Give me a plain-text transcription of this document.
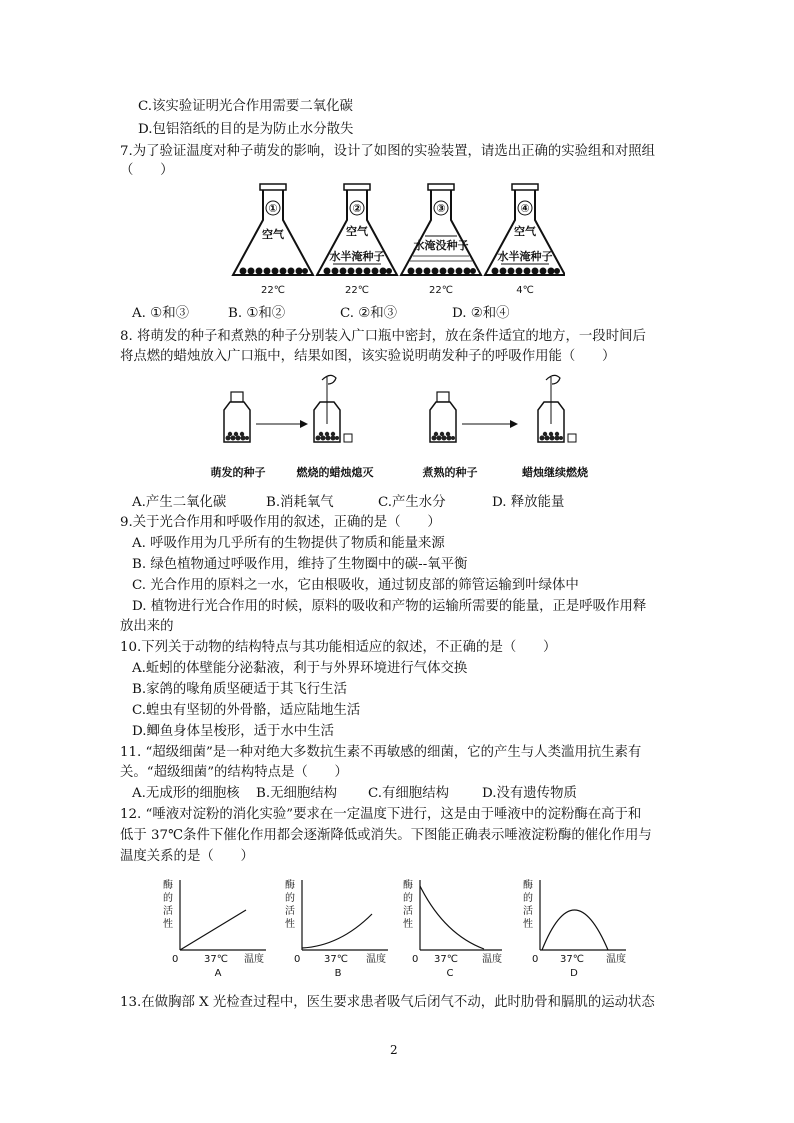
C.该实验证明光合作用需要二氧化碳
D.包铝箔纸的目的是为防止水分散失
7.为了验证温度对种子萌发的影响，设计了如图的实验装置，请选出正确的实验组和对照组
（　　）
①
空气
22℃
②
空气
水半淹种子
22℃
③
水淹没种子
22℃
④
空气
水半淹种子
4℃
A. ①和③	B. ①和②	C. ②和③	D. ②和④
8. 将萌发的种子和煮熟的种子分别装入广口瓶中密封，放在条件适宜的地方，一段时间后
将点燃的蜡烛放入广口瓶中，结果如图，该实验说明萌发种子的呼吸作用能（　　）
萌发的种子	燃烧的蜡烛熄灭	煮熟的种子	蜡烛继续燃烧
A.产生二氧化碳	B.消耗氧气	C.产生水分	D. 释放能量
9.关于光合作用和呼吸作用的叙述，正确的是（　　）
A. 呼吸作用为几乎所有的生物提供了物质和能量来源
B. 绿色植物通过呼吸作用，维持了生物圈中的碳--氧平衡
C. 光合作用的原料之一水，它由根吸收，通过韧皮部的筛管运输到叶绿体中
D. 植物进行光合作用的时候，原料的吸收和产物的运输所需要的能量，正是呼吸作用释
放出来的
10.下列关于动物的结构特点与其功能相适应的叙述，不正确的是（　　）
A.蚯蚓的体壁能分泌黏液，利于与外界环境进行气体交换
B.家鸽的喙角质坚硬适于其飞行生活
C.蝗虫有坚韧的外骨骼，适应陆地生活
D.鲫鱼身体呈梭形，适于水中生活
11. “超级细菌”是一种对绝大多数抗生素不再敏感的细菌，它的产生与人类滥用抗生素有
关。“超级细菌”的结构特点是（　　）
A.无成形的细胞核 B.无细胞结构 C.有细胞结构 D.没有遗传物质
12. “唾液对淀粉的消化实验”要求在一定温度下进行，这是由于唾液中的淀粉酶在高于和
低于 37℃条件下催化作用都会逐渐降低或消失。下图能正确表示唾液淀粉酶的催化作用与
温度关系的是（　　）
酶
的
活
性
0	37℃ 温度
A
酶
的
活
性
0 37℃ 温度
B
酶
的
活
性
0 37℃ 温度
C
酶
的
活
性
0 37℃ 温度
D
13.在做胸部 X 光检查过程中，医生要求患者吸气后闭气不动，此时肋骨和膈肌的运动状态
2
